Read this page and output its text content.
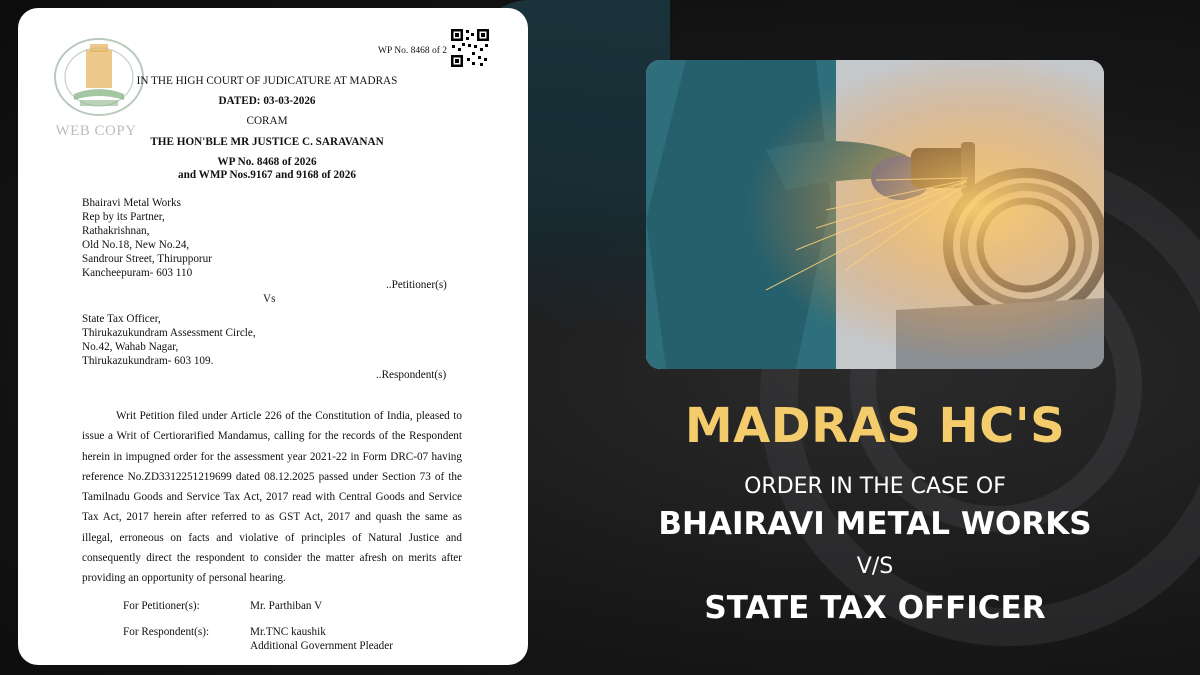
WEB COPY
WP No. 8468 of 2
IN THE HIGH COURT OF JUDICATURE AT MADRAS
DATED: 03-03-2026
CORAM
THE HON'BLE MR JUSTICE C. SARAVANAN
WP No. 8468 of 2026
and WMP Nos.9167 and 9168 of 2026
Bhairavi Metal Works
Rep by its Partner,
Rathakrishnan,
Old No.18, New No.24,
Sandrour Street, Thirupporur
Kancheepuram- 603 110
..Petitioner(s)
Vs
State Tax Officer,
Thirukazukundram Assessment Circle,
No.42, Wahab Nagar,
Thirukazukundram- 603 109.
..Respondent(s)
Writ Petition filed under Article 226 of the Constitution of India, pleased to issue a Writ of Certiorarified Mandamus, calling for the records of the Respondent herein in impugned order for the assessment year 2021-22 in Form DRC-07 having reference No.ZD3312251219699 dated 08.12.2025 passed under Section 73 of the Tamilnadu Goods and Service Tax Act, 2017 read with Central Goods and Service Tax Act, 2017 herein after referred to as GST Act, 2017 and quash the same as illegal, erroneous on facts and violative of principles of Natural Justice and consequently direct the respondent to consider the matter afresh on merits after providing an opportunity of personal hearing.
For Petitioner(s):	Mr. Parthiban V
For Respondent(s):	Mr.TNC kaushik
Additional Government Pleader
MADRAS HC'S
ORDER IN THE CASE OF
BHAIRAVI METAL WORKS
V/S
STATE TAX OFFICER
